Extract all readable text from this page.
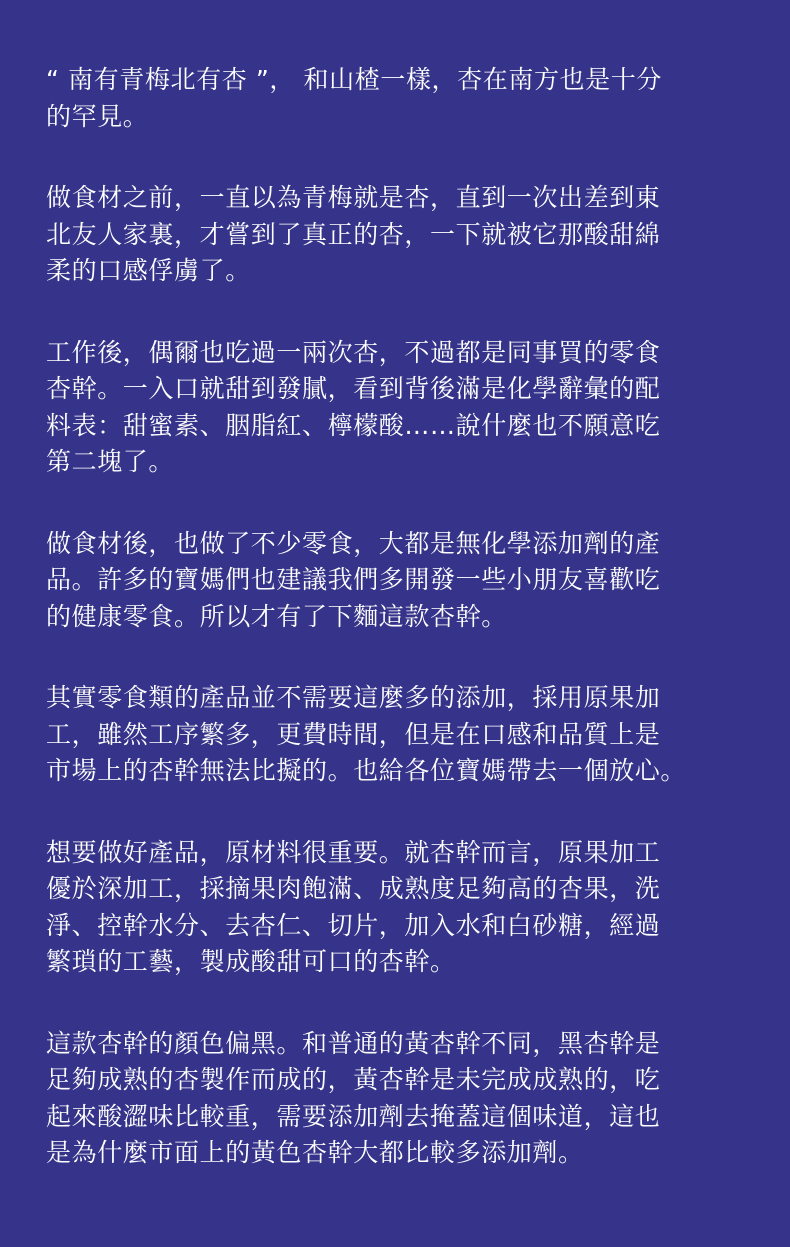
“ 南有青梅北有杏 ”， 和山楂一樣，杏在南方也是十分
的罕見。
做食材之前，一直以為青梅就是杏，直到一次出差到東
北友人家裏，才嘗到了真正的杏，一下就被它那酸甜綿
柔的口感俘虜了。
工作後，偶爾也吃過一兩次杏，不過都是同事買的零食
杏幹。一入口就甜到發膩，看到背後滿是化學辭彙的配
料表：甜蜜素、胭脂紅、檸檬酸……說什麼也不願意吃
第二塊了。
做食材後，也做了不少零食，大都是無化學添加劑的產
品。許多的寶媽們也建議我們多開發一些小朋友喜歡吃
的健康零食。所以才有了下麵這款杏幹。
其實零食類的產品並不需要這麼多的添加，採用原果加
工，雖然工序繁多，更費時間，但是在口感和品質上是
市場上的杏幹無法比擬的。也給各位寶媽帶去一個放心。
想要做好產品，原材料很重要。就杏幹而言，原果加工
優於深加工，採摘果肉飽滿、成熟度足夠高的杏果，洗
淨、控幹水分、去杏仁、切片，加入水和白砂糖，經過
繁瑣的工藝，製成酸甜可口的杏幹。
這款杏幹的顏色偏黑。和普通的黃杏幹不同，黑杏幹是
足夠成熟的杏製作而成的，黃杏幹是未完成成熟的，吃
起來酸澀味比較重，需要添加劑去掩蓋這個味道，這也
是為什麼市面上的黃色杏幹大都比較多添加劑。
